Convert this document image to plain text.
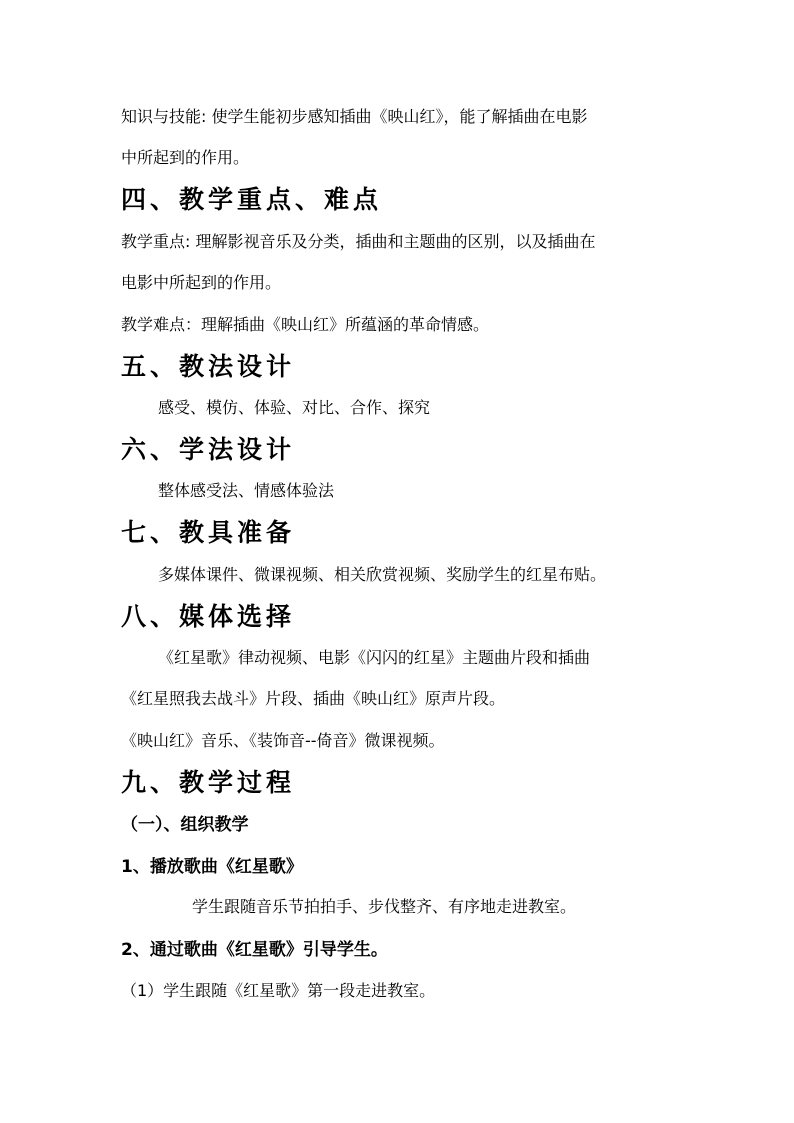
知识与技能: 使学生能初步感知插曲《映山红》，能了解插曲在电影
中所起到的作用。
四、教学重点、难点
教学重点: 理解影视音乐及分类，插曲和主题曲的区别，以及插曲在
电影中所起到的作用。
教学难点：理解插曲《映山红》所蕴涵的革命情感。
五、教法设计
感受、模仿、体验、对比、合作、探究
六、学法设计
整体感受法、情感体验法
七、教具准备
多媒体课件、微课视频、相关欣赏视频、奖励学生的红星布贴。
八、媒体选择
《红星歌》律动视频、电影《闪闪的红星》主题曲片段和插曲
《红星照我去战斗》片段、插曲《映山红》原声片段。
《映山红》音乐、《装饰音--倚音》微课视频。
九、教学过程
（一）、组织教学
1、播放歌曲《红星歌》
学生跟随音乐节拍拍手、步伐整齐、有序地走进教室。
2、通过歌曲《红星歌》引导学生。
（1）学生跟随《红星歌》第一段走进教室。
